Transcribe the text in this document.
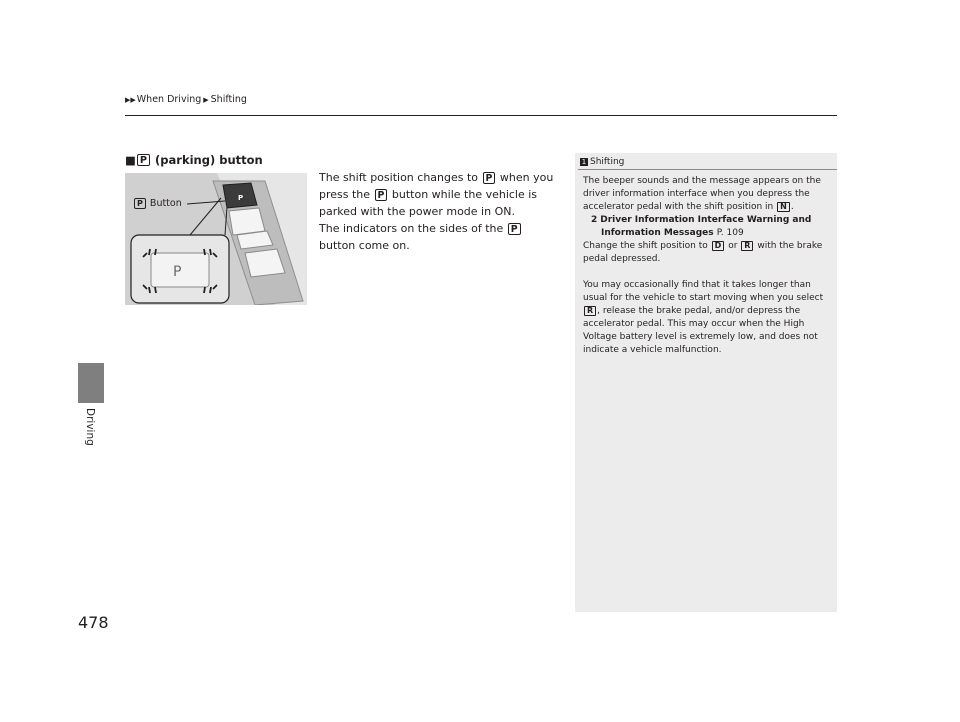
▶▶ When Driving ▶ Shifting
Driving
478
■ P (parking) button
P
P
P Button

The shift position changes to P when you press the P button while the vehicle is parked with the power mode in ON.

The indicators on the sides of the P button come on.

1 Shifting

The beeper sounds and the message appears on the driver information interface when you depress the accelerator pedal with the shift position in N .

2 Driver Information Interface Warning and Information Messages P. 109

Change the shift position to D or R with the brake pedal depressed.

You may occasionally find that it takes longer than usual for the vehicle to start moving when you select R , release the brake pedal, and/or depress the accelerator pedal. This may occur when the High Voltage battery level is extremely low, and does not indicate a vehicle malfunction.
